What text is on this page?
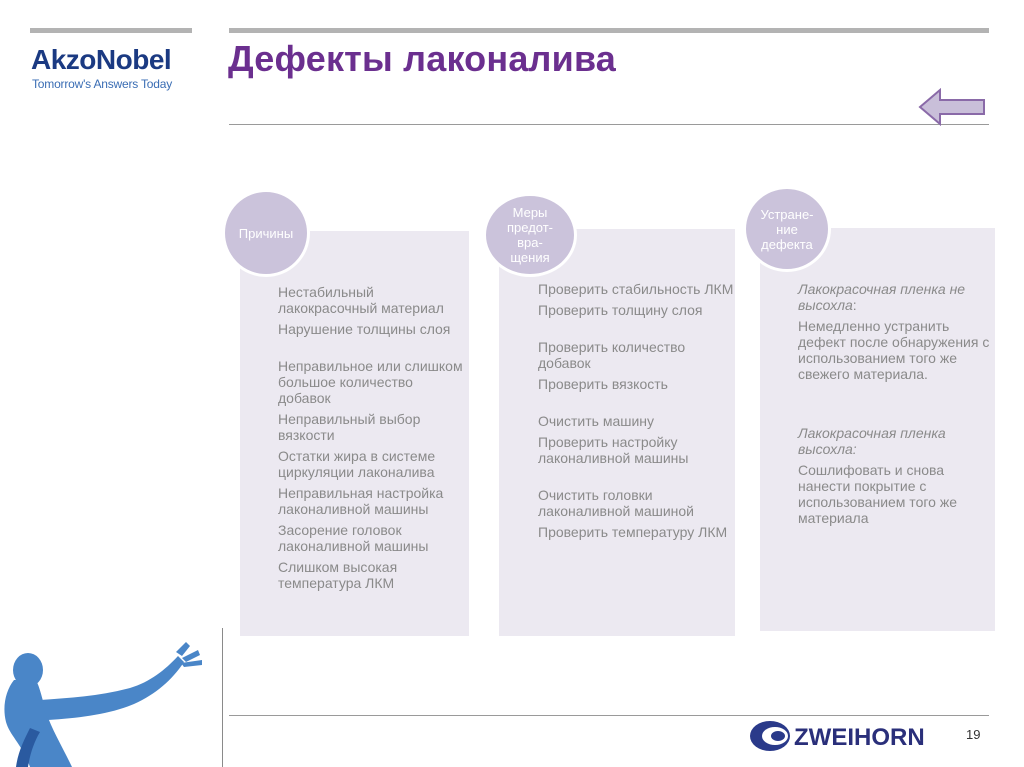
AkzoNobel
Tomorrow's Answers Today
Дефекты лаконалива
Причины
Нестабильный лакокрасочный материал
Нарушение толщины слоя
Неправильное или слишком большое количество добавок
Неправильный выбор вязкости
Остатки жира в системе циркуляции лаконалива
Неправильная настройка лаконаливной машины
Засорение головок лаконаливной машины
Слишком высокая температура ЛКМ
Меры
предот-
вра-
щения
Проверить стабильность ЛКМ
Проверить толщину слоя
Проверить количество добавок
Проверить вязкость
Очистить машину
Проверить настройку лаконаливной машины
Очистить головки лаконаливной машиной
Проверить температуру ЛКМ
Устране-
ние
дефекта
Лакокрасочная пленка не высохла:
Немедленно устранить дефект после обнаружения с использованием того же свежего материала.
Лакокрасочная пленка высохла:
Сошлифовать и снова нанести покрытие с использованием того же материала
ZWEIHORN	19
